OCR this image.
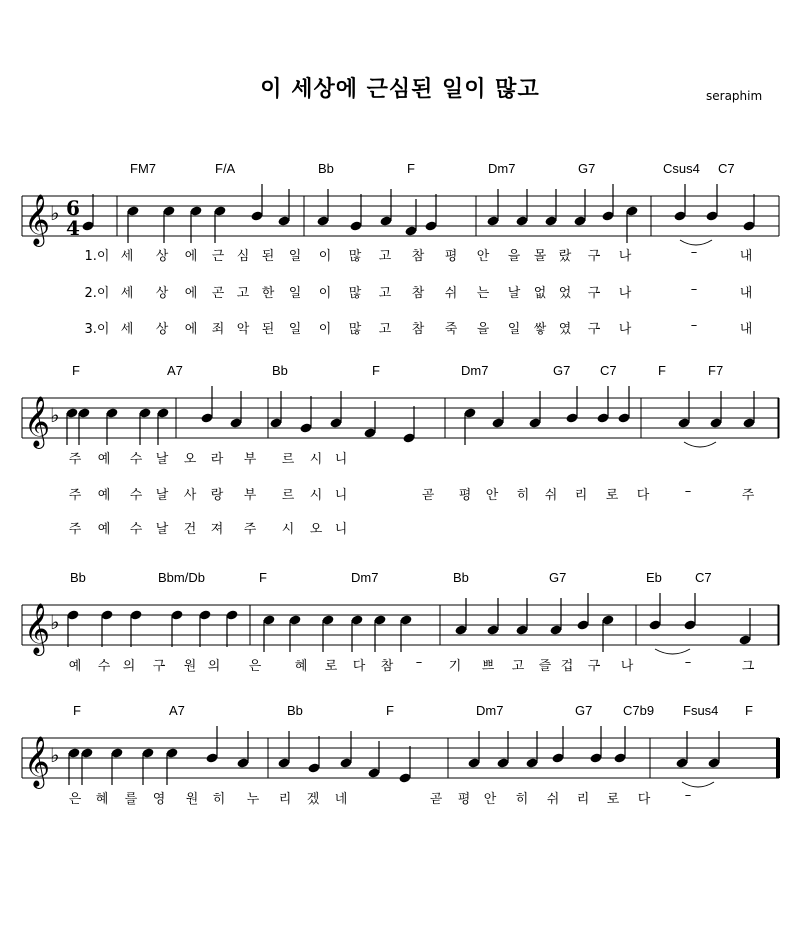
이 세상에 근심된 일이 많고	seraphim
FM7	F/A	Bb	F	Dm7	G7	Csus4 C7
𝄞 ♭ 6
4
1.이 세 상 에 근 심 된 일 이 많 고 참 평 안 을 몰 랐 구 나	–	내
2.이 세 상 에 곤 고 한 일 이 많 고 참 쉬 는 날 없 었 구 나	–	내
3.이 세 상 에 죄 악 된 일 이 많 고 참 죽 을 일 쌓 였 구 나	–	내
F	A7	Bb	F	Dm7	G7 C7	F	F7
𝄞 ♭
주 예 수 날 오 라 부 르 시 니
주 예 수 날 사 랑 부 르 시 니	곧 평 안 히 쉬 리 로 다	–	주
주 예 수 날 건 져 주 시 오 니
Bb	Bbm/Db	F	Dm7	Bb	G7	Eb	C7
𝄞 ♭
예 수 의 구 원 의 은	혜 로 다 참 – 기 쁘 고 즐 겁 구 나	–	그
F	A7	Bb	F	Dm7	G7 C7b9 Fsus4 F
𝄞 ♭
은 혜 를 영 원 히 누 리 겠 네	곧 평 안 히 쉬 리 로 다	–
